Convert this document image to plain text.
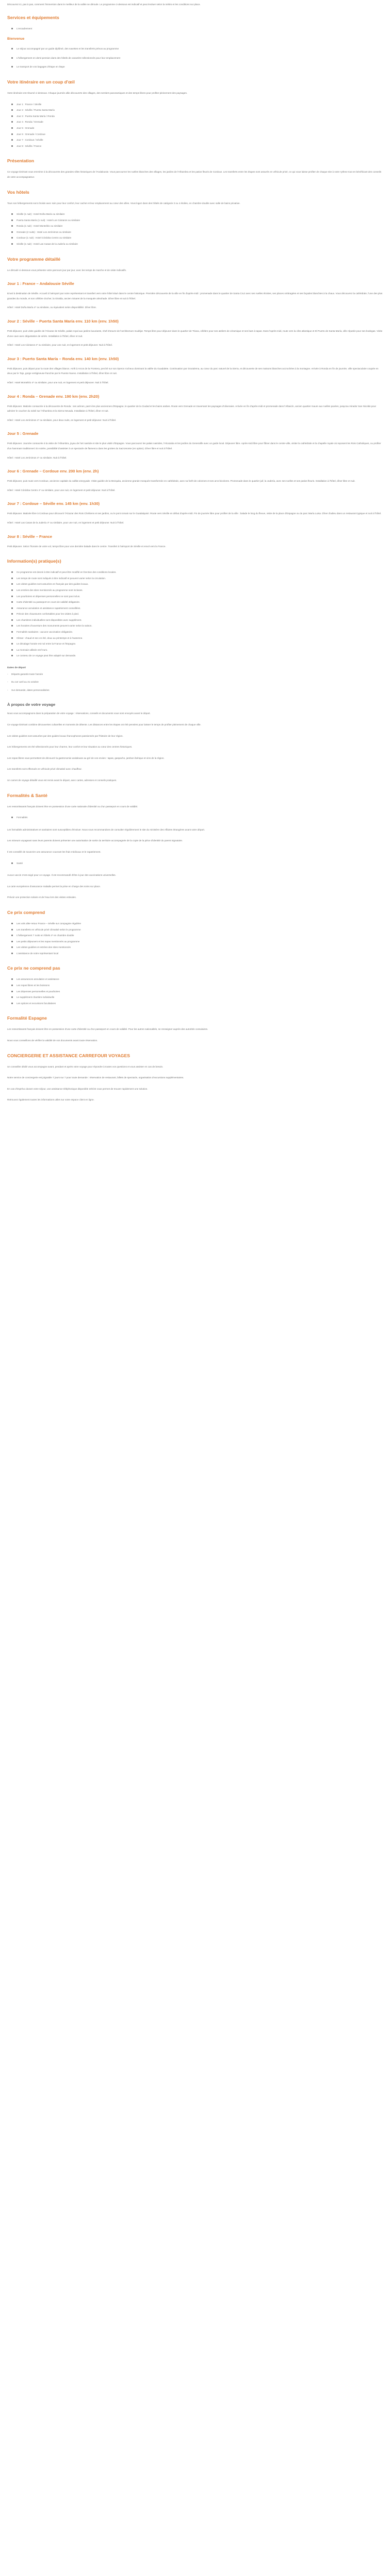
Découvrez ici, pas à pas, comment l'immersion dans le meilleur de la vallée se déroule. Le programme ci-dessous est indicatif et peut évoluer selon la météo et les conditions sur place.

Services et équipements
L'encadrement
Bienvenue
Le séjour accompagné par un guide diplômé, des navettes et les transferts prévus au programme
L'hébergement en demi-pension dans des hôtels de caractère sélectionnés pour leur emplacement
Le transport de vos bagages d'étape en étape
Votre itinéraire en un coup d'œil

Votre itinéraire est résumé ci-dessous. Chaque journée allie découverte des villages, des sentiers panoramiques et des temps libres pour profiter pleinement des paysages.

Jour 1 : France / Séville
Jour 2 : Séville / Puerta Santa María
Jour 3 : Puerta Santa María / Ronda
Jour 4 : Ronda / Grenade
Jour 5 : Grenade
Jour 6 : Grenade / Cordoue
Jour 7 : Cordoue / Séville
Jour 8 : Séville / France
Présentation

Ce voyage itinérant vous emmène à la découverte des grandes villes historiques de l'Andalousie. Vous parcourrez les ruelles blanches des villages, les jardins de l'Alhambra et les patios fleuris de Cordoue. Les transferts entre les étapes sont assurés en véhicule privé, ce qui vous laisse profiter de chaque site à votre rythme tout en bénéficiant des conseils de votre accompagnateur.

Vos hôtels

Tous nos hébergements sont choisis avec soin pour leur confort, leur cachet et leur emplacement au cœur des villes. Vous logez dans des hôtels de catégorie 3 ou 4 étoiles, en chambre double avec salle de bains privative.

Séville (1 nuit) : Hotel Doña María ou similaire
Puerta Santa María (1 nuit) : Hotel Los Cántaros ou similaire
Ronda (1 nuit) : Hotel Montelirio ou similaire
Grenade (2 nuits) : Hotel Los Jerónimos ou similaire
Cordoue (1 nuit) : Hotel Córdoba Centro ou similaire
Séville (1 nuit) : Hotel Las Casas de la Judería ou similaire
Votre programme détaillé

Le déroulé ci-dessous vous présente votre parcours jour par jour, avec les temps de marche et de visite indicatifs.

Jour 1 : France – Andalousie Séville

Envol à destination de Séville. Accueil à l'aéroport par notre représentant et transfert vers votre hôtel situé dans le centre historique. Première découverte de la ville en fin d'après-midi : promenade dans le quartier de Santa Cruz avec ses ruelles étroites, ses places ombragées et ses façades blanchies à la chaux. Vous découvrez la cathédrale, l'une des plus grandes du monde, et son célèbre clocher, la Giralda, ancien minaret de la mosquée almohade. Dîner libre et nuit à l'hôtel.

Hôtel : Hotel Doña María 4* ou similaire, ou équivalent selon disponibilité. Dîner libre.

Jour 2 : Séville – Puerta Santa María env. 110 km (env. 1h50)

Petit déjeuner, puis visite guidée de l'Alcazar de Séville, palais royal aux jardins luxuriants, chef-d'œuvre de l'architecture mudéjar. Temps libre pour déjeuner dans le quartier de Triana, célèbre pour ses ateliers de céramique et ses bars à tapas. Dans l'après-midi, route vers la côte atlantique et El Puerto de Santa María, ville réputée pour ses bodegas. Visite d'une cave avec dégustation de xérès. Installation à l'hôtel, dîner et nuit.

Hôtel : Hotel Los Cántaros 4* ou similaire, pour une nuit, en logement et petit déjeuner. Nuit à l'hôtel.

Jour 3 : Puerto Santa María – Ronda env. 140 km (env. 1h50)

Petit déjeuner, puis départ pour la route des villages blancs. Arrêt à Arcos de la Frontera, perché sur son éperon rocheux dominant la vallée du Guadalete. Continuation par Grazalema, au cœur du parc naturel de la Sierra, et découverte de ses maisons blanches accrochées à la montagne. Arrivée à Ronda en fin de journée, ville spectaculaire coupée en deux par le Tajo, gorge vertigineuse franchie par le Puente Nuevo. Installation à l'hôtel, dîner libre et nuit.

Hôtel : Hotel Montelirio 4* ou similaire, pour une nuit, en logement et petit déjeuner. Nuit à l'hôtel.

Jour 4 : Ronda – Grenade env. 190 km (env. 2h20)

Petit déjeuner. Matinée consacrée à la découverte de Ronda : ses arènes, parmi les plus anciennes d'Espagne, le quartier de la Ciudad et les bains arabes. Route vers Grenade en traversant les paysages d'oliveraies. Arrivée en fin d'après-midi et promenade dans l'Albaicín, ancien quartier maure aux ruelles pavées, jusqu'au mirador San Nicolás pour admirer le coucher du soleil sur l'Alhambra et la Sierra Nevada. Installation à l'hôtel, dîner et nuit.

Hôtel : Hotel Los Jerónimos 4* ou similaire, pour deux nuits, en logement et petit déjeuner. Nuit à l'hôtel.

Jour 5 : Grenade

Petit déjeuner. Journée consacrée à la visite de l'Alhambra, joyau de l'art nasride et site le plus visité d'Espagne. Vous parcourez les palais nasrides, l'Alcazaba et les jardins du Generalife avec un guide local. Déjeuner libre. Après-midi libre pour flâner dans le centre-ville, visiter la cathédrale et la chapelle royale où reposent les Rois Catholiques, ou profiter d'un hammam traditionnel. En soirée, possibilité d'assister à un spectacle de flamenco dans les grottes du Sacromonte (en option). Dîner libre et nuit à l'hôtel.

Hôtel : Hotel Los Jerónimos 4* ou similaire. Nuit à l'hôtel.

Jour 6 : Grenade – Cordoue env. 200 km (env. 2h)

Petit déjeuner, puis route vers Cordoue, ancienne capitale du califat omeyyade. Visite guidée de la Mezquita, ancienne grande mosquée transformée en cathédrale, avec sa forêt de colonnes et ses arcs bicolores. Promenade dans le quartier juif, la Judería, avec ses ruelles et ses patios fleuris. Installation à l'hôtel, dîner libre et nuit.

Hôtel : Hotel Córdoba Centro 4* ou similaire, pour une nuit, en logement et petit déjeuner. Nuit à l'hôtel.

Jour 7 : Cordoue – Séville env. 145 km (env. 1h30)

Petit déjeuner. Matinée libre à Cordoue pour découvrir l'Alcazar des Rois Chrétiens et ses jardins, ou le pont romain sur le Guadalquivir. Route vers Séville en début d'après-midi. Fin de journée libre pour profiter de la ville : balade le long du fleuve, visite de la place d'Espagne ou du parc María Luisa. Dîner d'adieu dans un restaurant typique et nuit à l'hôtel.

Hôtel : Hotel Las Casas de la Judería 4* ou similaire, pour une nuit, en logement et petit déjeuner. Nuit à l'hôtel.

Jour 8 : Séville – France

Petit déjeuner. Selon l'horaire de votre vol, temps libre pour une dernière balade dans le centre. Transfert à l'aéroport de Séville et envol vers la France.

Information(s) pratique(s)
Ce programme est donné à titre indicatif et peut être modifié en fonction des conditions locales.
Les temps de route sont indiqués à titre indicatif et peuvent varier selon la circulation.
Les visites guidées sont assurées en français par des guides locaux.
Les entrées des sites mentionnés au programme sont incluses.
Les pourboires et dépenses personnelles ne sont pas inclus.
Carte d'identité ou passeport en cours de validité obligatoire.
Assurance annulation et assistance rapatriement conseillées.
Prévoir des chaussures confortables pour les visites à pied.
Les chambres individuelles sont disponibles avec supplément.
Les horaires d'ouverture des monuments peuvent varier selon la saison.
Formalités sanitaires : aucune vaccination obligatoire.
Climat : chaud et sec en été, doux au printemps et à l'automne.
Le décalage horaire est nul entre la France et l'Espagne.
La monnaie utilisée est l'euro.
Le contenu de ce voyage peut être adapté sur demande.
Dates de départ
-	Départs garantis toute l'année
-	Du 1er avril au 31 octobre
-	Sur demande, dates personnalisées
À propos de votre voyage

Nous vous accompagnons dans la préparation de votre voyage : réservations, conseils et documents vous sont envoyés avant le départ.

Ce voyage itinérant combine découvertes culturelles et moments de détente. Les distances entre les étapes ont été pensées pour laisser le temps de profiter pleinement de chaque ville.

Les visites guidées sont assurées par des guides locaux francophones passionnés par l'histoire de leur région.

Les hébergements ont été sélectionnés pour leur charme, leur confort et leur situation au cœur des centres historiques.

Les repas libres vous permettent de découvrir la gastronomie andalouse au gré de vos envies : tapas, gaspacho, jambon ibérique et vins de la région.

Les transferts sont effectués en véhicule privé climatisé avec chauffeur.

Un carnet de voyage détaillé vous est remis avant le départ, avec cartes, adresses et conseils pratiques.

Formalités & Santé

Les ressortissants français doivent être en possession d'une carte nationale d'identité ou d'un passeport en cours de validité.

Formalités

Les formalités administratives et sanitaires sont susceptibles d'évoluer. Nous vous recommandons de consulter régulièrement le site du ministère des Affaires étrangères avant votre départ.

Les mineurs voyageant sans leurs parents doivent présenter une autorisation de sortie du territoire accompagnée de la copie de la pièce d'identité du parent signataire.

Il est conseillé de souscrire une assurance couvrant les frais médicaux et le rapatriement.

Santé

Aucun vaccin n'est exigé pour ce voyage. Il est recommandé d'être à jour des vaccinations universelles.

La carte européenne d'assurance maladie permet la prise en charge des soins sur place.

Prévoir une protection solaire et de l'eau lors des visites estivales.

Ce prix comprend
Les vols aller-retour France – Séville sur compagnie régulière
Les transferts en véhicule privé climatisé selon le programme
L'hébergement 7 nuits en hôtels 4* en chambre double
Les petits déjeuners et les repas mentionnés au programme
Les visites guidées et entrées des sites mentionnés
L'assistance de notre représentant local
Ce prix ne comprend pas
Les assurances annulation et assistance
Les repas libres et les boissons
Les dépenses personnelles et pourboires
Le supplément chambre individuelle
Les options et excursions facultatives
Formalité Espagne

Les ressortissants français doivent être en possession d'une carte d'identité ou d'un passeport en cours de validité. Pour les autres nationalités, se renseigner auprès des autorités consulaires.

Nous vous conseillons de vérifier la validité de vos documents avant toute réservation.

CONCIERGERIE ET ASSISTANCE CARREFOUR VOYAGES

Un conseiller dédié vous accompagne avant, pendant et après votre voyage pour répondre à toutes vos questions et vous assister en cas de besoin.

Notre service de conciergerie est joignable 7 jours sur 7 pour toute demande : réservation de restaurant, billets de spectacle, organisation d'excursions supplémentaires.

En cas d'imprévu durant votre séjour, une assistance téléphonique disponible 24h/24 vous permet de trouver rapidement une solution.

Retrouvez également toutes les informations utiles sur votre espace client en ligne.
